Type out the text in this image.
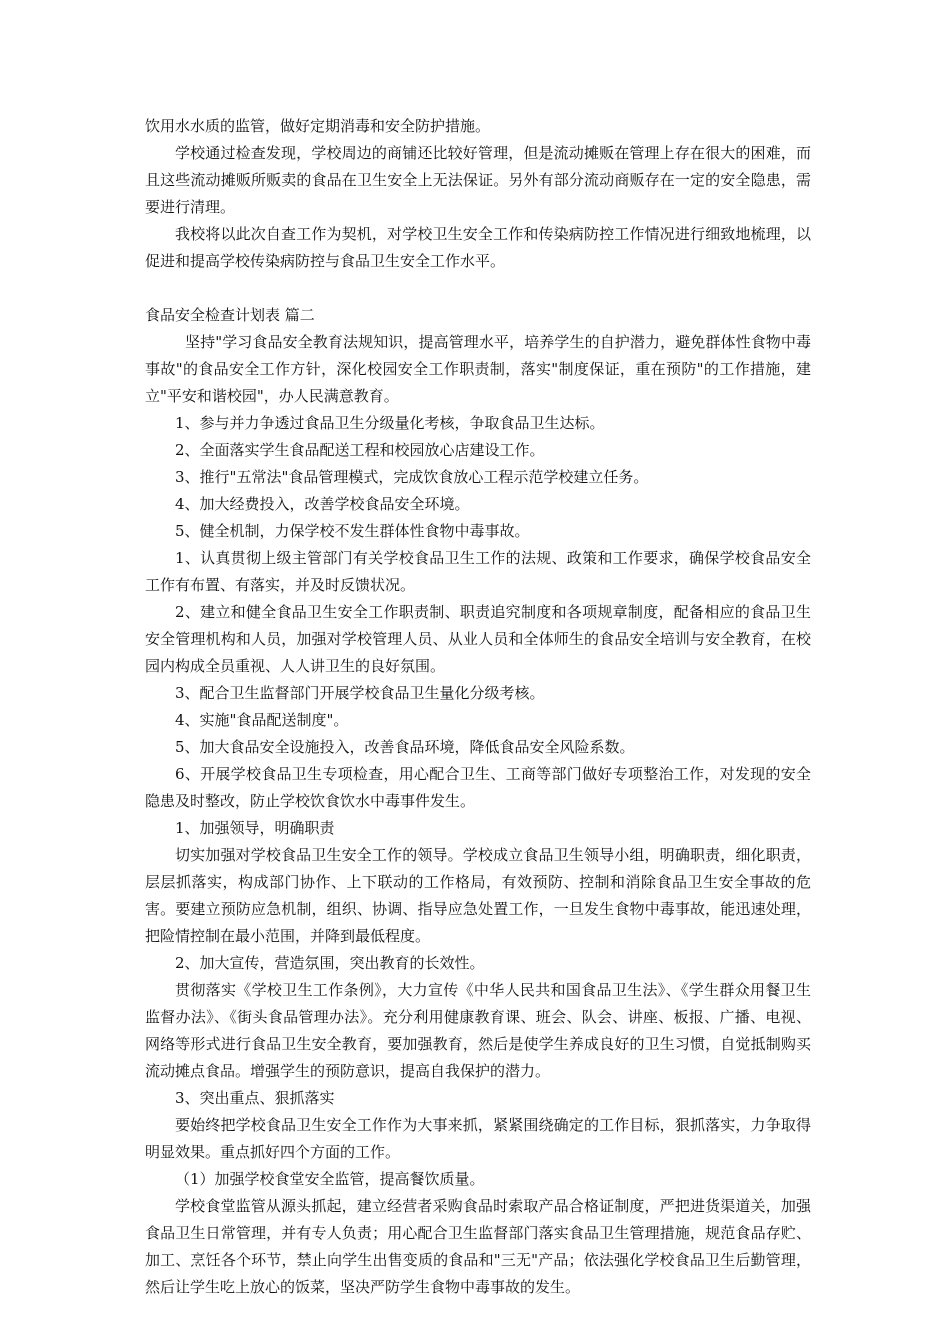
饮用水水质的监管，做好定期消毒和安全防护措施。

学校通过检查发现，学校周边的商铺还比较好管理，但是流动摊贩在管理上存在很大的困难，而且这些流动摊贩所贩卖的食品在卫生安全上无法保证。另外有部分流动商贩存在一定的安全隐患，需要进行清理。

我校将以此次自查工作为契机，对学校卫生安全工作和传染病防控工作情况进行细致地梳理，以促进和提高学校传染病防控与食品卫生安全工作水平。

食品安全检查计划表 篇二

坚持"学习食品安全教育法规知识，提高管理水平，培养学生的自护潜力，避免群体性食物中毒事故"的食品安全工作方针，深化校园安全工作职责制，落实"制度保证，重在预防"的工作措施，建立"平安和谐校园"，办人民满意教育。

1、参与并力争透过食品卫生分级量化考核，争取食品卫生达标。

2、全面落实学生食品配送工程和校园放心店建设工作。

3、推行"五常法"食品管理模式，完成饮食放心工程示范学校建立任务。

4、加大经费投入，改善学校食品安全环境。

5、健全机制，力保学校不发生群体性食物中毒事故。

1、认真贯彻上级主管部门有关学校食品卫生工作的法规、政策和工作要求，确保学校食品安全工作有布置、有落实，并及时反馈状况。

2、建立和健全食品卫生安全工作职责制、职责追究制度和各项规章制度，配备相应的食品卫生安全管理机构和人员，加强对学校管理人员、从业人员和全体师生的食品安全培训与安全教育，在校园内构成全员重视、人人讲卫生的良好氛围。

3、配合卫生监督部门开展学校食品卫生量化分级考核。

4、实施"食品配送制度"。

5、加大食品安全设施投入，改善食品环境，降低食品安全风险系数。

6、开展学校食品卫生专项检查，用心配合卫生、工商等部门做好专项整治工作，对发现的安全隐患及时整改，防止学校饮食饮水中毒事件发生。

1、加强领导，明确职责

切实加强对学校食品卫生安全工作的领导。学校成立食品卫生领导小组，明确职责，细化职责，层层抓落实，构成部门协作、上下联动的工作格局，有效预防、控制和消除食品卫生安全事故的危害。要建立预防应急机制，组织、协调、指导应急处置工作，一旦发生食物中毒事故，能迅速处理，把险情控制在最小范围，并降到最低程度。

2、加大宣传，营造氛围，突出教育的长效性。

贯彻落实《学校卫生工作条例》，大力宣传《中华人民共和国食品卫生法》、《学生群众用餐卫生监督办法》、《街头食品管理办法》。充分利用健康教育课、班会、队会、讲座、板报、广播、电视、网络等形式进行食品卫生安全教育，要加强教育，然后是使学生养成良好的卫生习惯，自觉抵制购买流动摊点食品。增强学生的预防意识，提高自我保护的潜力。

3、突出重点、狠抓落实

要始终把学校食品卫生安全工作作为大事来抓，紧紧围绕确定的工作目标，狠抓落实，力争取得明显效果。重点抓好四个方面的工作。

（1）加强学校食堂安全监管，提高餐饮质量。

学校食堂监管从源头抓起，建立经营者采购食品时索取产品合格证制度，严把进货渠道关，加强食品卫生日常管理，并有专人负责；用心配合卫生监督部门落实食品卫生管理措施，规范食品存贮、加工、烹饪各个环节，禁止向学生出售变质的食品和"三无"产品；依法强化学校食品卫生后勤管理，然后让学生吃上放心的饭菜，坚决严防学生食物中毒事故的发生。
